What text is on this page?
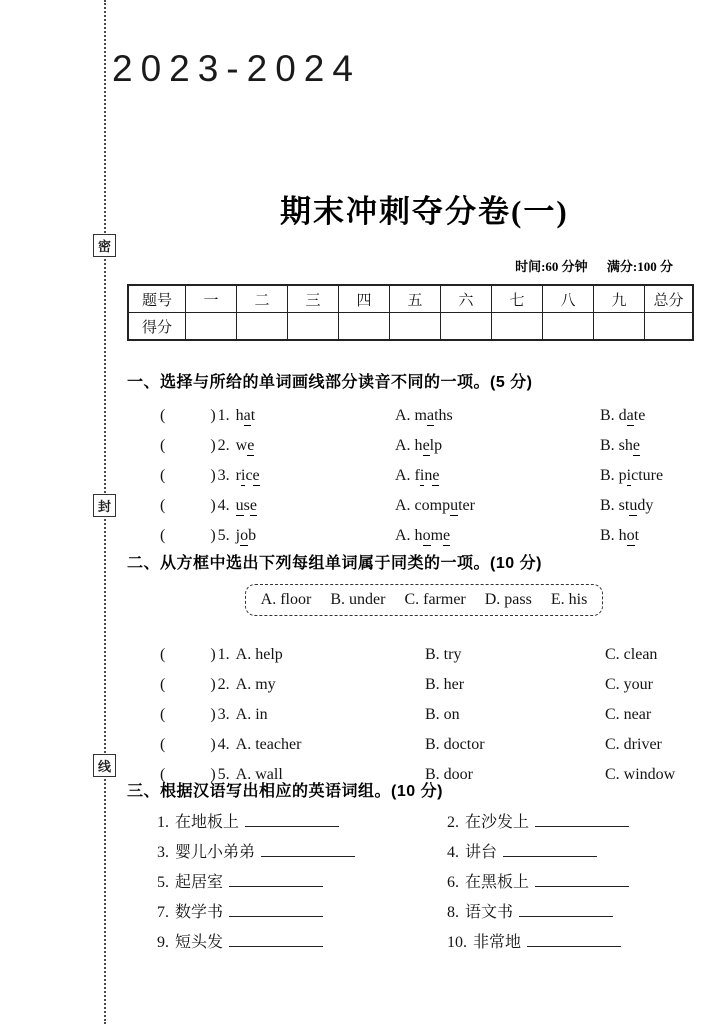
密
封
线
2023-2024
期末冲刺夺分卷(一)
时间:60 分钟 满分:100 分
题号	一	二	三	四	五	六	七	八	九	总分
得分										
一、选择与所给的单词画线部分读音不同的一项。(5 分)
(	) 1. hat	A. maths	B. date
(	) 2. we	A. help	B. she
(	) 3. rice	A. fine	B. picture
(	) 4. use	A. computer	B. study
(	) 5. job	A. home	B. hot
二、从方框中选出下列每组单词属于同类的一项。(10 分)
A. floor B. under C. farmer D. pass E. his
(	) 1. A. help	B. try	C. clean
(	) 2. A. my	B. her	C. your
(	) 3. A. in	B. on	C. near
(	) 4. A. teacher	B. doctor	C. driver
(	) 5. A. wall	B. door	C. window
三、根据汉语写出相应的英语词组。(10 分)
1. 在地板上	2. 在沙发上
3. 婴儿小弟弟	4. 讲台
5. 起居室	6. 在黑板上
7. 数学书	8. 语文书
9. 短头发	10. 非常地
